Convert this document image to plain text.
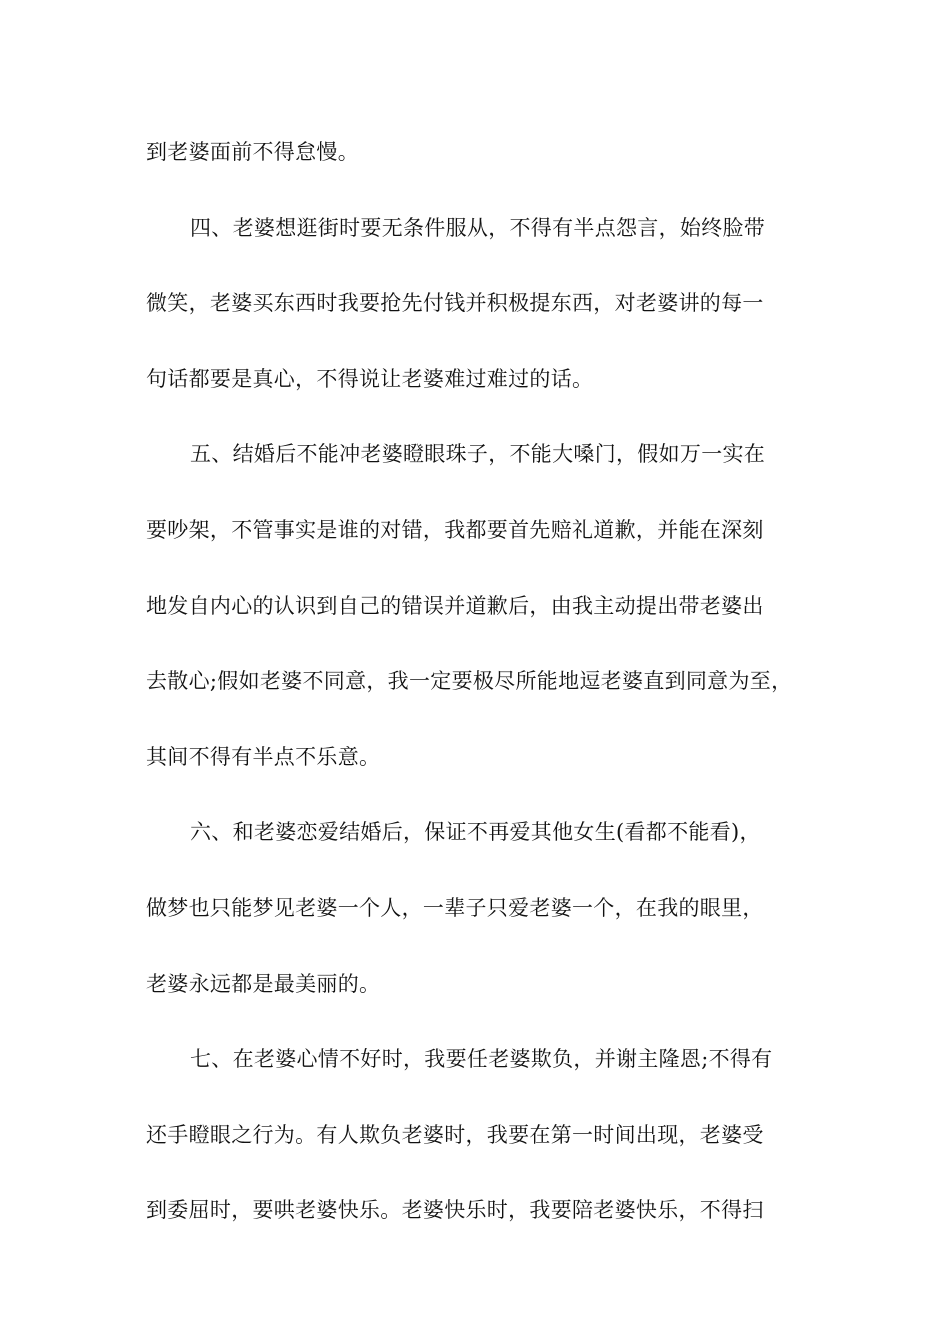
到老婆面前不得怠慢。
四、老婆想逛街时要无条件服从，不得有半点怨言，始终脸带
微笑，老婆买东西时我要抢先付钱并积极提东西，对老婆讲的每一
句话都要是真心，不得说让老婆难过难过的话。
五、结婚后不能冲老婆瞪眼珠子，不能大嗓门，假如万一实在
要吵架，不管事实是谁的对错，我都要首先赔礼道歉，并能在深刻
地发自内心的认识到自己的错误并道歉后，由我主动提出带老婆出
去散心;假如老婆不同意，我一定要极尽所能地逗老婆直到同意为至，
其间不得有半点不乐意。
六、和老婆恋爱结婚后，保证不再爱其他女生(看都不能看)，
做梦也只能梦见老婆一个人，一辈子只爱老婆一个，在我的眼里，
老婆永远都是最美丽的。
七、在老婆心情不好时，我要任老婆欺负，并谢主隆恩;不得有
还手瞪眼之行为。有人欺负老婆时，我要在第一时间出现，老婆受
到委屈时，要哄老婆快乐。老婆快乐时，我要陪老婆快乐，不得扫
